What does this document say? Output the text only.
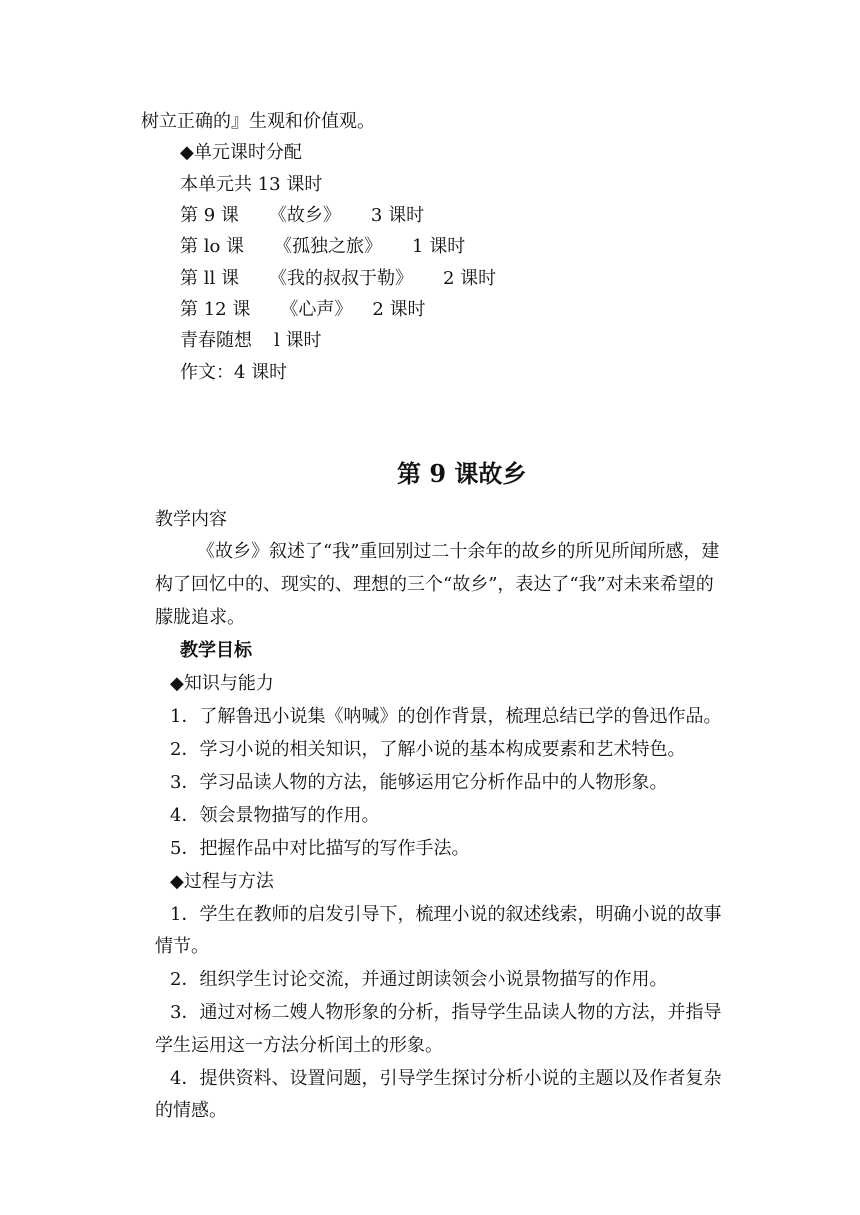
树立正确的』生观和价值观。
◆单元课时分配
本单元共 13 课时
第 9 课 《故乡》 3 课时
第 lo 课 《孤独之旅》 1 课时
第 ll 课 《我的叔叔于勒》 2 课时
第 12 课 《心声》 2 课时
青春随想 l 课时
作文：4 课时
第 9 课故乡
教学内容
《故乡》叙述了“我”重回别过二十余年的故乡的所见所闻所感，建
构了回忆中的、现实的、理想的三个“故乡”，表达了“我”对未来希望的
朦胧追求。
教学目标
◆知识与能力
1．了解鲁迅小说集《呐喊》的创作背景，梳理总结已学的鲁迅作品。
2．学习小说的相关知识，了解小说的基本构成要素和艺术特色。
3．学习品读人物的方法，能够运用它分析作品中的人物形象。
4．领会景物描写的作用。
5．把握作品中对比描写的写作手法。
◆过程与方法
1．学生在教师的启发引导下，梳理小说的叙述线索，明确小说的故事
情节。
2．组织学生讨论交流，并通过朗读领会小说景物描写的作用。
3．通过对杨二嫂人物形象的分析，指导学生品读人物的方法，并指导
学生运用这一方法分析闰土的形象。
4．提供资料、设置问题，引导学生探讨分析小说的主题以及作者复杂
的情感。
